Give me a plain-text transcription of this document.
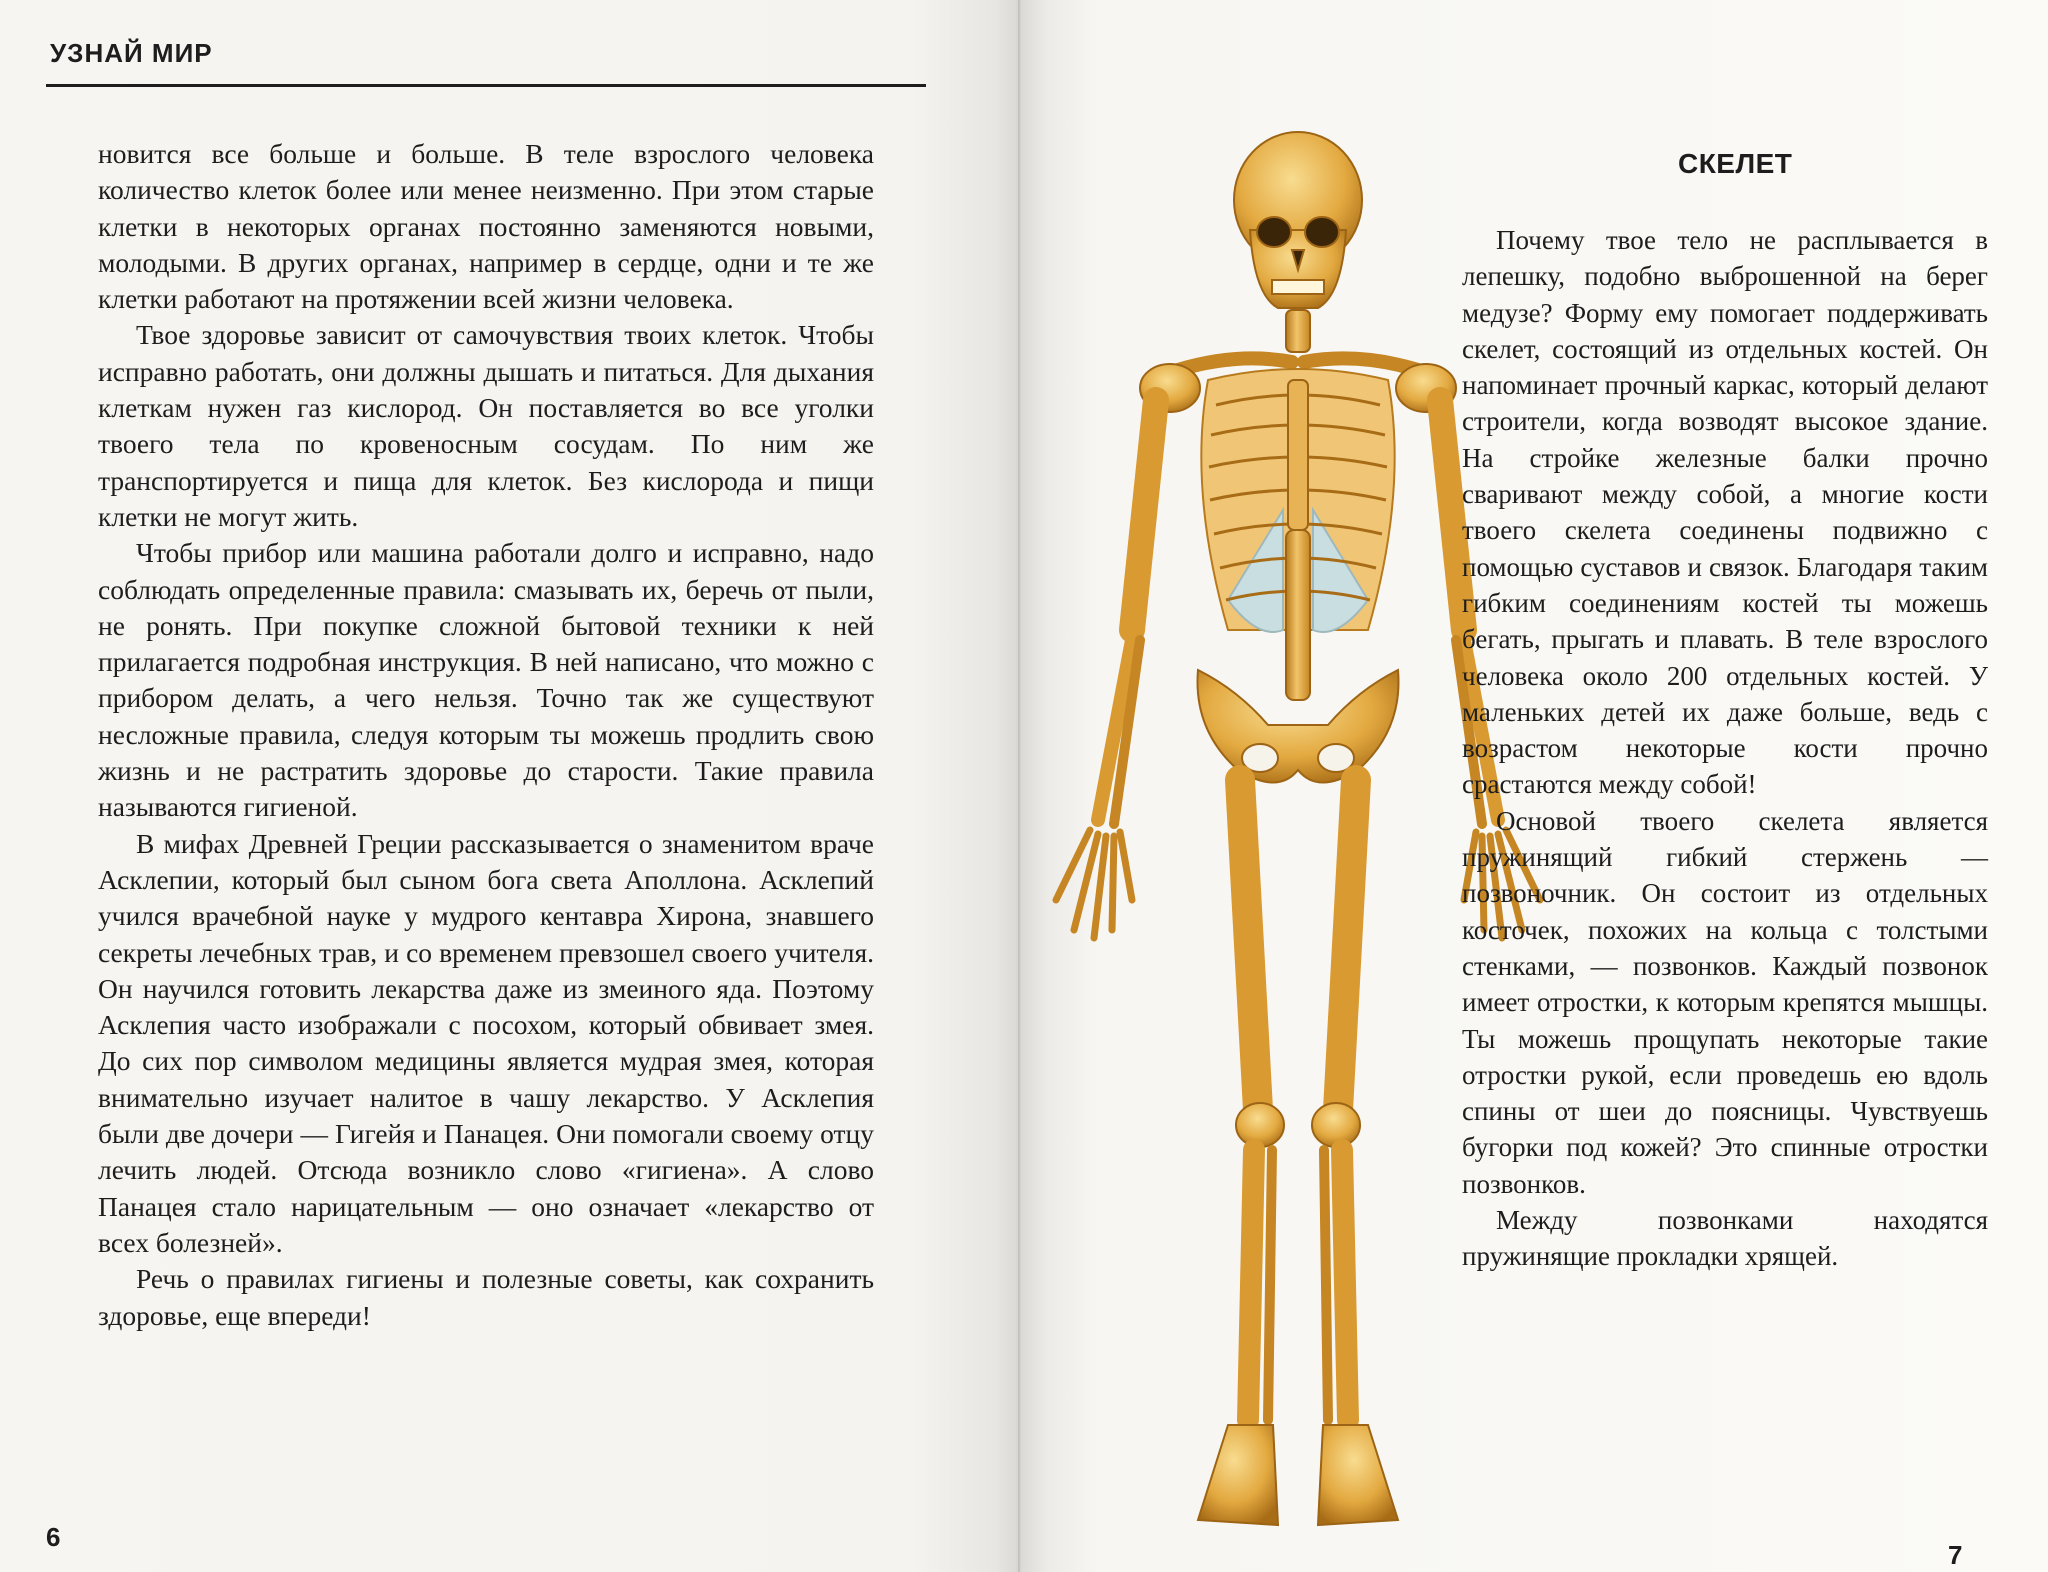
УЗНАЙ МИР

новится все больше и больше. В теле взрослого человека количество клеток более или менее неизменно. При этом старые клетки в некоторых органах постоянно заменяются новыми, молодыми. В других органах, например в сердце, одни и те же клетки работают на протяжении всей жизни человека.

Твое здоровье зависит от самочувствия твоих клеток. Чтобы исправно работать, они должны дышать и питаться. Для дыхания клеткам нужен газ кислород. Он поставляется во все уголки твоего тела по кровеносным сосудам. По ним же транспортируется и пища для клеток. Без кислорода и пищи клетки не могут жить.

Чтобы прибор или машина работали долго и исправно, надо соблюдать определенные правила: смазывать их, беречь от пыли, не ронять. При покупке сложной бытовой техники к ней прилагается подробная инструкция. В ней написано, что можно с прибором делать, а чего нельзя. Точно так же существуют несложные правила, следуя которым ты можешь продлить свою жизнь и не растратить здоровье до старости. Такие правила называются гигиеной.

В мифах Древней Греции рассказывается о знаменитом враче Асклепии, который был сыном бога света Аполлона. Асклепий учился врачебной науке у мудрого кентавра Хирона, знавшего секреты лечебных трав, и со временем превзошел своего учителя. Он научился готовить лекарства даже из змеиного яда. Поэтому Асклепия часто изображали с посохом, который обвивает змея. До сих пор символом медицины является мудрая змея, которая внимательно изучает налитое в чашу лекарство. У Асклепия были две дочери — Гигейя и Панацея. Они помогали своему отцу лечить людей. Отсюда возникло слово «гигиена». А слово Панацея стало нарицательным — оно означает «лекарство от всех болезней».

Речь о правилах гигиены и полезные советы, как сохранить здоровье, еще впереди!

6
СКЕЛЕТ

Почему твое тело не расплывается в лепешку, подобно выброшенной на берег медузе? Форму ему помогает поддерживать скелет, состоящий из отдельных костей. Он напоминает прочный каркас, который делают строители, когда возводят высокое здание. На стройке железные балки прочно сваривают между собой, а многие кости твоего скелета соединены подвижно с помощью суставов и связок. Благодаря таким гибким соединениям костей ты можешь бегать, прыгать и плавать. В теле взрослого человека около 200 отдельных костей. У маленьких детей их даже больше, ведь с возрастом некоторые кости прочно срастаются между собой!

Основой твоего скелета является пружинящий гибкий стержень — позвоночник. Он состоит из отдельных косточек, похожих на кольца с толстыми стенками, — позвонков. Каждый позвонок имеет отростки, к которым крепятся мышцы. Ты можешь прощупать некоторые такие отростки рукой, если проведешь ею вдоль спины от шеи до поясницы. Чувствуешь бугорки под кожей? Это спинные отростки позвонков.

Между позвонками находятся пружинящие прокладки хрящей.

7
